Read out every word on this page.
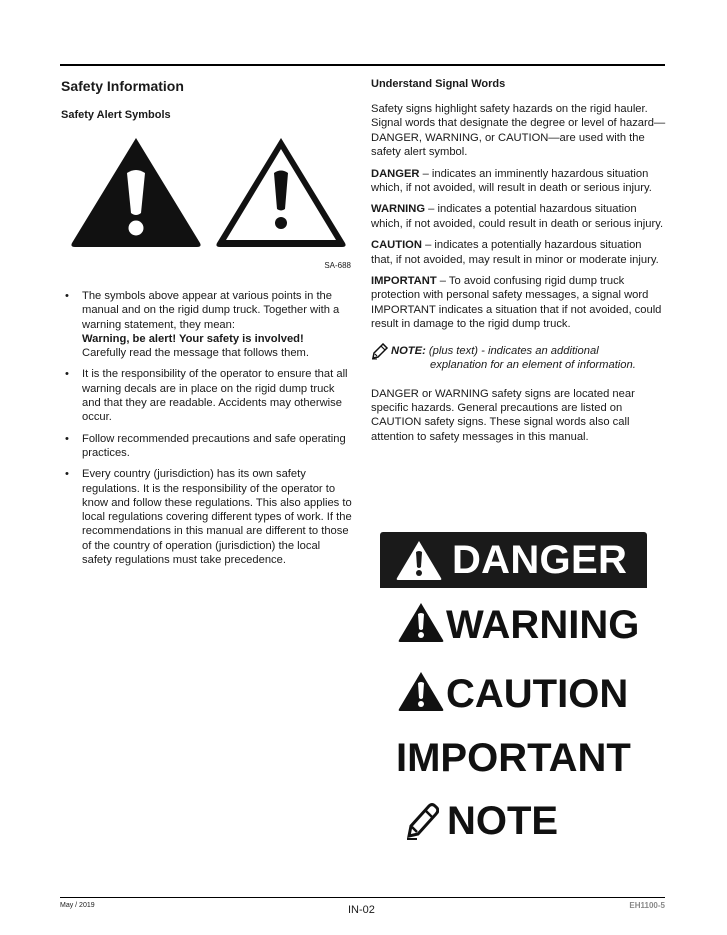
Safety Information
Safety Alert Symbols
SA-688
• The symbols above appear at various points in the manual and on the rigid dump truck. Together with a warning statement, they mean:
Warning, be alert! Your safety is involved!
Carefully read the message that follows them.
• It is the responsibility of the operator to ensure that all warning decals are in place on the rigid dump truck and that they are readable. Accidents may otherwise occur.
• Follow recommended precautions and safe operating practices.
• Every country (jurisdiction) has its own safety regulations. It is the responsibility of the operator to know and follow these regulations. This also applies to local regulations covering different types of work. If the recommendations in this manual are different to those of the country of operation (jurisdiction) the local safety regulations must take precedence.
Understand Signal Words

Safety signs highlight safety hazards on the rigid hauler. Signal words that designate the degree or level of hazard—DANGER, WARNING, or CAUTION—are used with the safety alert symbol.

DANGER – indicates an imminently hazardous situation which, if not avoided, will result in death or serious injury.

WARNING – indicates a potential hazardous situation which, if not avoided, could result in death or serious injury.

CAUTION – indicates a potentially hazardous situation that, if not avoided, may result in minor or moderate injury.

IMPORTANT – To avoid confusing rigid dump truck protection with personal safety messages, a signal word IMPORTANT indicates a situation that if not avoided, could result in damage to the rigid dump truck.

NOTE: (plus text) - indicates an additional
explanation for an element of information.

DANGER or WARNING safety signs are located near specific hazards. General precautions are listed on CAUTION safety signs. These signal words also call attention to safety messages in this manual.

DANGER
WARNING
CAUTION
IMPORTANT
NOTE
May / 2019	IN-02	EH1100-5
